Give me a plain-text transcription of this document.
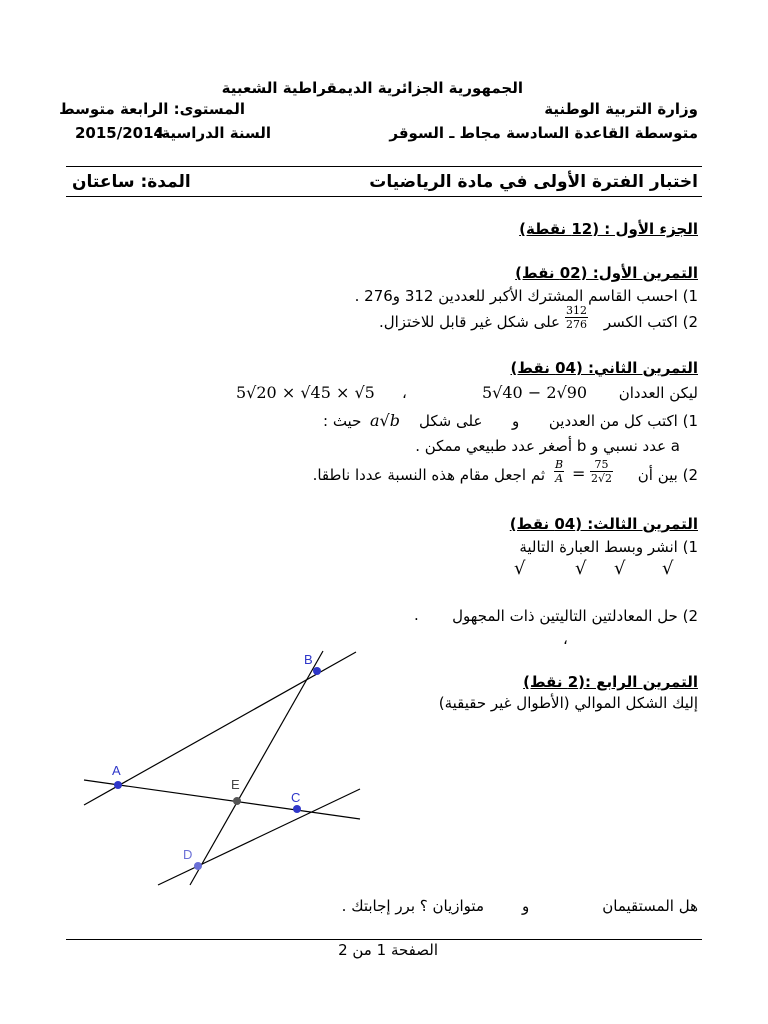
الجمهورية الجزائرية الديمقراطية الشعبية
وزارة التربية الوطنية
متوسطة القاعدة السادسة مجاط ـ السوقر
المستوى: الرابعة متوسط
السنة الدراسية:
2015/2014
اختبار الفترة الأولى في مادة الرياضيات
المدة: ساعتان
الجزء الأول : (12 نقطة)
التمرين الأول: (02 نقط)
1) احسب القاسم المشترك الأكبر للعددين 312 و276 .
2) اكتب الكسر
$\frac{312}{276}$
على شكل غير قابل للاختزال.
التمرين الثاني: (04 نقط)
ليكن العددان
5√40 − 2√90
،
5√20 × √45 × √5
1) اكتب كل من العددين
و
على شكل
a√b
حيث :
a عدد نسبي و b أصغر عدد طبيعي ممكن .
2) بين أن
$\frac{B}{A} = \frac{75}{2√2}$
ثم اجعل مقام هذه النسبة عددا ناطقا.
التمرين الثالث: (04 نقط)
1) انشر وبسط العبارة التالية
√	√ √ √
2) حل المعادلتين التاليتين ذات المجهول
.
،
التمرين الرابع :(2 نقط)
إليك الشكل الموالي (الأطوال غير حقيقية)
B
A
E
C
D
هل المستقيمان
و
متوازيان ؟ برر إجابتك .
الصفحة 1 من 2
